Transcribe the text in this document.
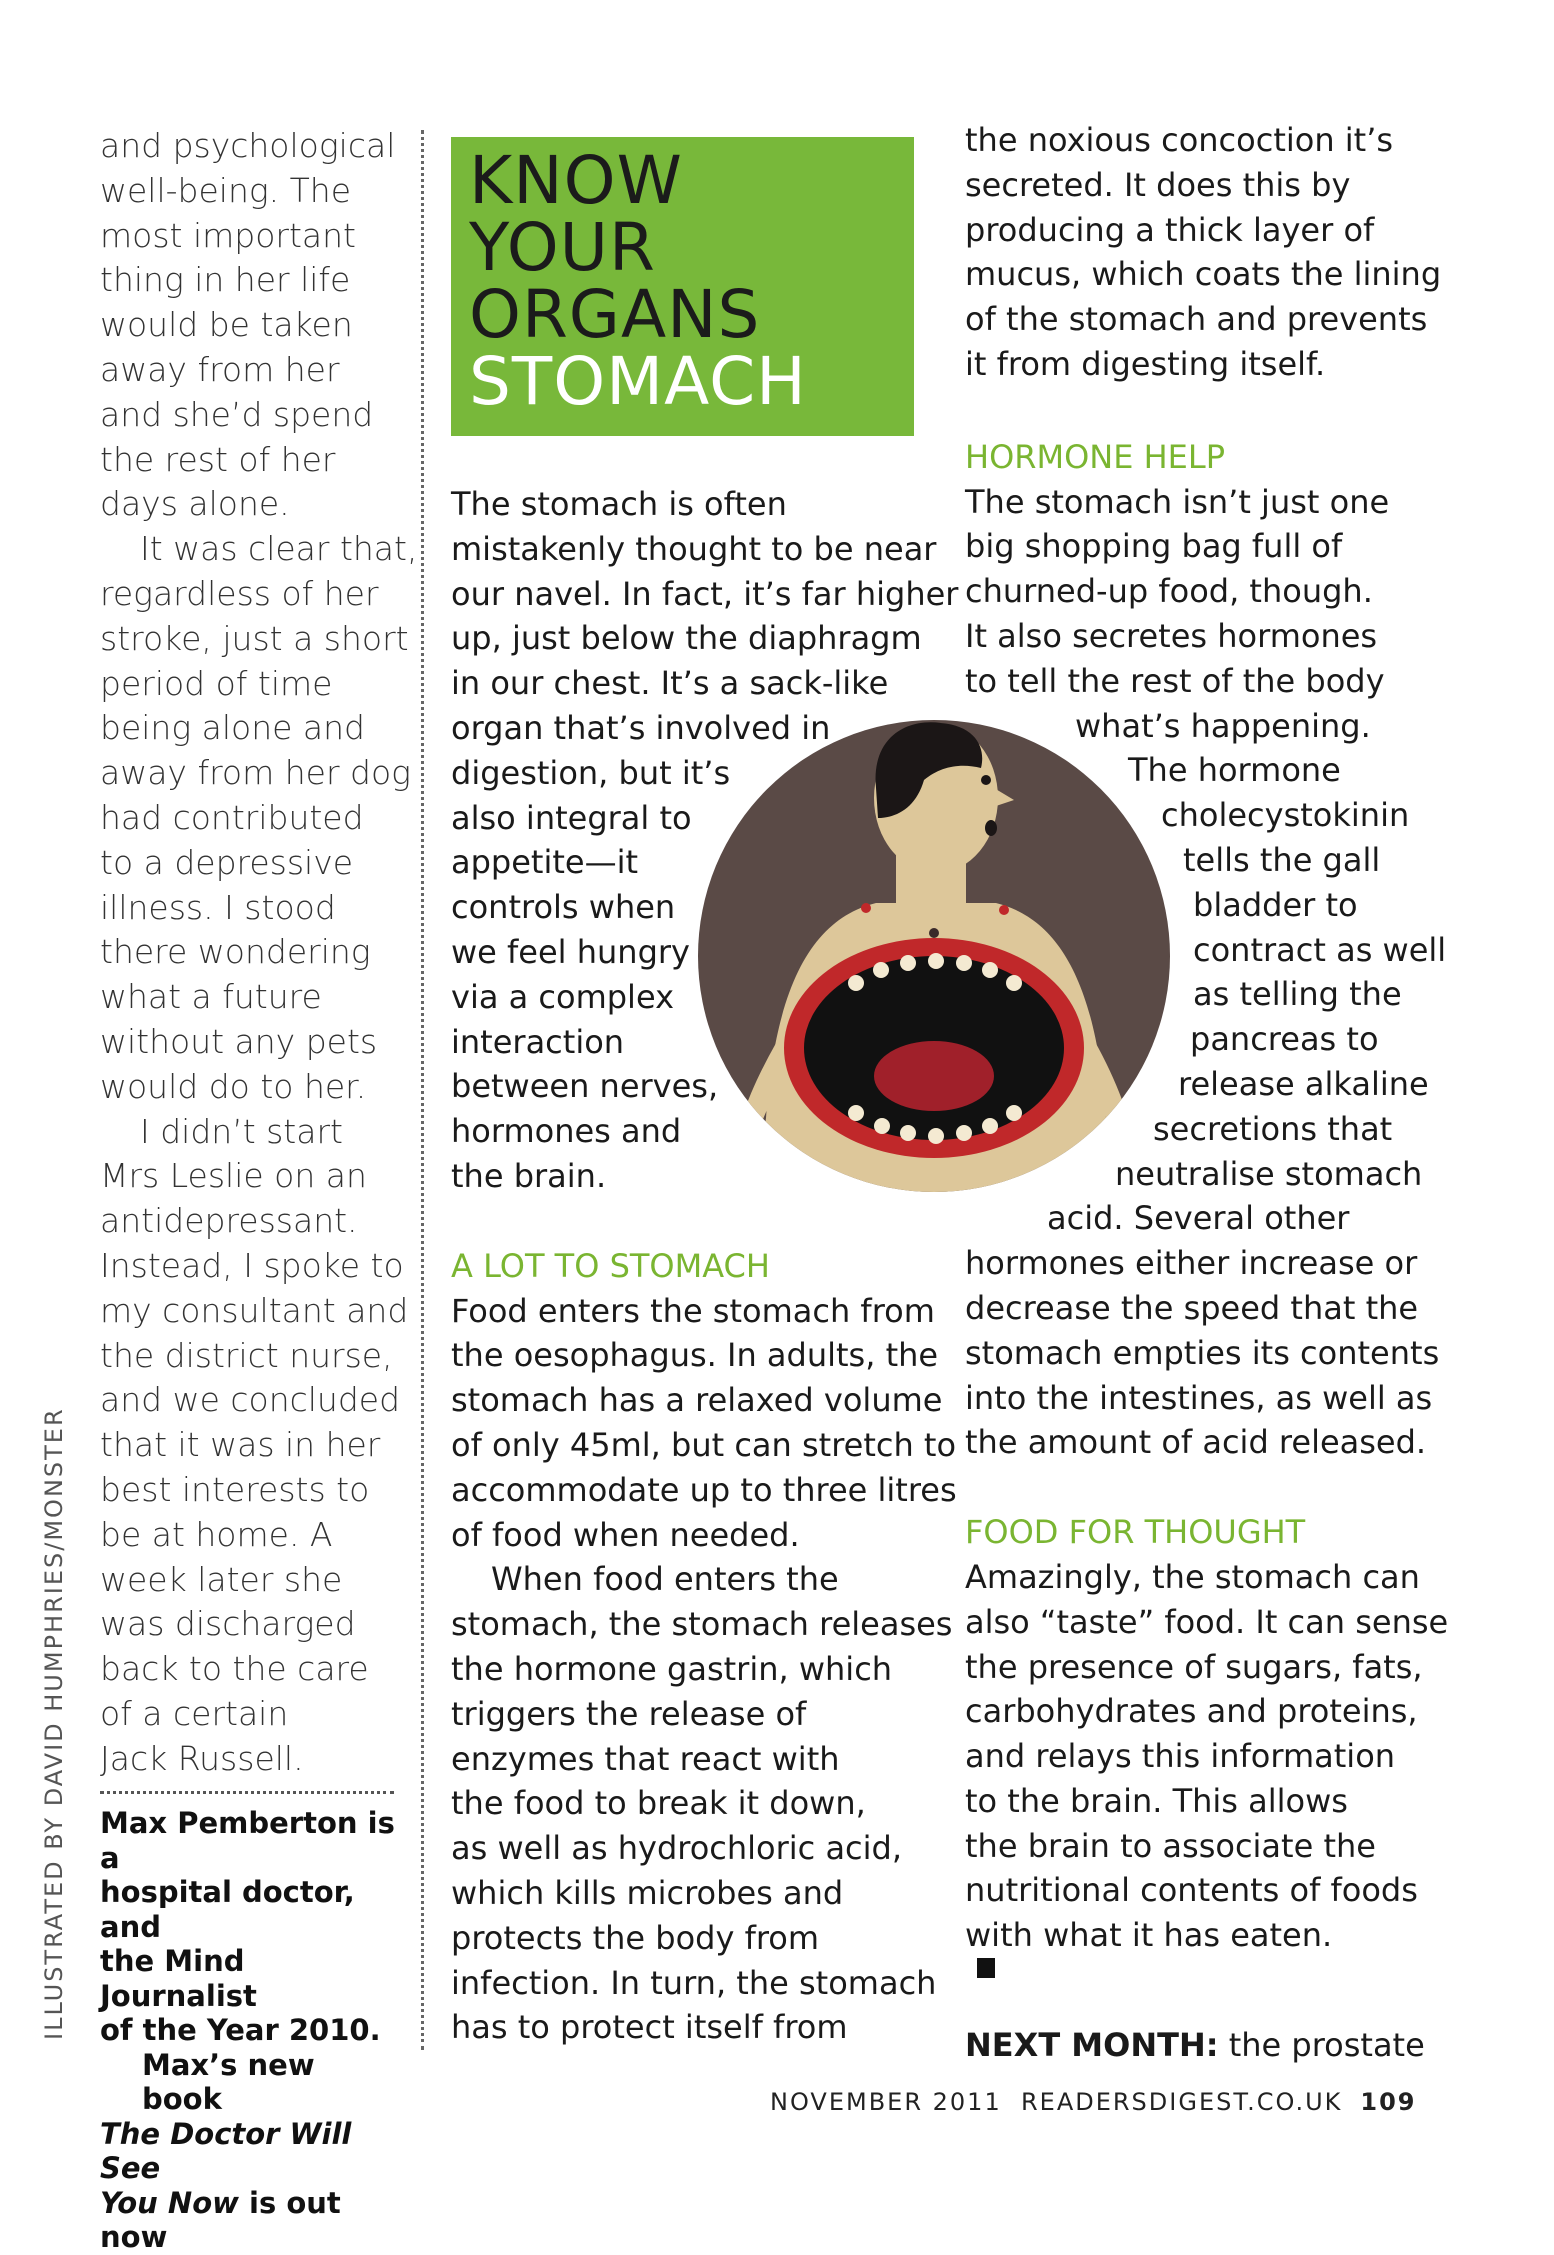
and psychological
well-being. The
most important
thing in her life
would be taken
away from her
and she’d spend
the rest of her
days alone.
It was clear that,
regardless of her
stroke, just a short
period of time
being alone and
away from her dog
had contributed
to a depressive
illness. I stood
there wondering
what a future
without any pets
would do to her.
I didn’t start
Mrs Leslie on an
antidepressant.
Instead, I spoke to
my consultant and
the district nurse,
and we concluded
that it was in her
best interests to
be at home. A
week later she
was discharged
back to the care
of a certain
Jack Russell.
Max Pemberton is a
hospital doctor, and
the Mind Journalist
of the Year 2010.
Max’s new book
The Doctor Will See
You Now is out now
ILLUSTRATED BY DAVID HUMPHRIES/MONSTER
KNOW
YOUR
ORGANS
STOMACH
The stomach is often
mistakenly thought to be near
our navel. In fact, it’s far higher
up, just below the diaphragm
in our chest. It’s a sack-like
organ that’s involved in
digestion, but it’s
also integral to
appetite—it
controls when
we feel hungry
via a complex
interaction
between nerves,
hormones and
the brain.
A LOT TO STOMACH
Food enters the stomach from
the oesophagus. In adults, the
stomach has a relaxed volume
of only 45ml, but can stretch to
accommodate up to three litres
of food when needed.
When food enters the
stomach, the stomach releases
the hormone gastrin, which
triggers the release of
enzymes that react with
the food to break it down,
as well as hydrochloric acid,
which kills microbes and
protects the body from
infection. In turn, the stomach
has to protect itself from
the noxious concoction it’s
secreted. It does this by
producing a thick layer of
mucus, which coats the lining
of the stomach and prevents
it from digesting itself.
HORMONE HELP
The stomach isn’t just one
big shopping bag full of
churned-up food, though.
It also secretes hormones
to tell the rest of the body
what’s happening.
The hormone
cholecystokinin
tells the gall
bladder to
contract as well
as telling the
pancreas to
release alkaline
secretions that
neutralise stomach
acid. Several other
hormones either increase or
decrease the speed that the
stomach empties its contents
into the intestines, as well as
the amount of acid released.
FOOD FOR THOUGHT
Amazingly, the stomach can
also “taste” food. It can sense
the presence of sugars, fats,
carbohydrates and proteins,
and relays this information
to the brain. This allows
the brain to associate the
nutritional contents of foods
with what it has eaten.
NEXT MONTH: the prostate
NOVEMBER 2011  READERSDIGEST.CO.UK 109
